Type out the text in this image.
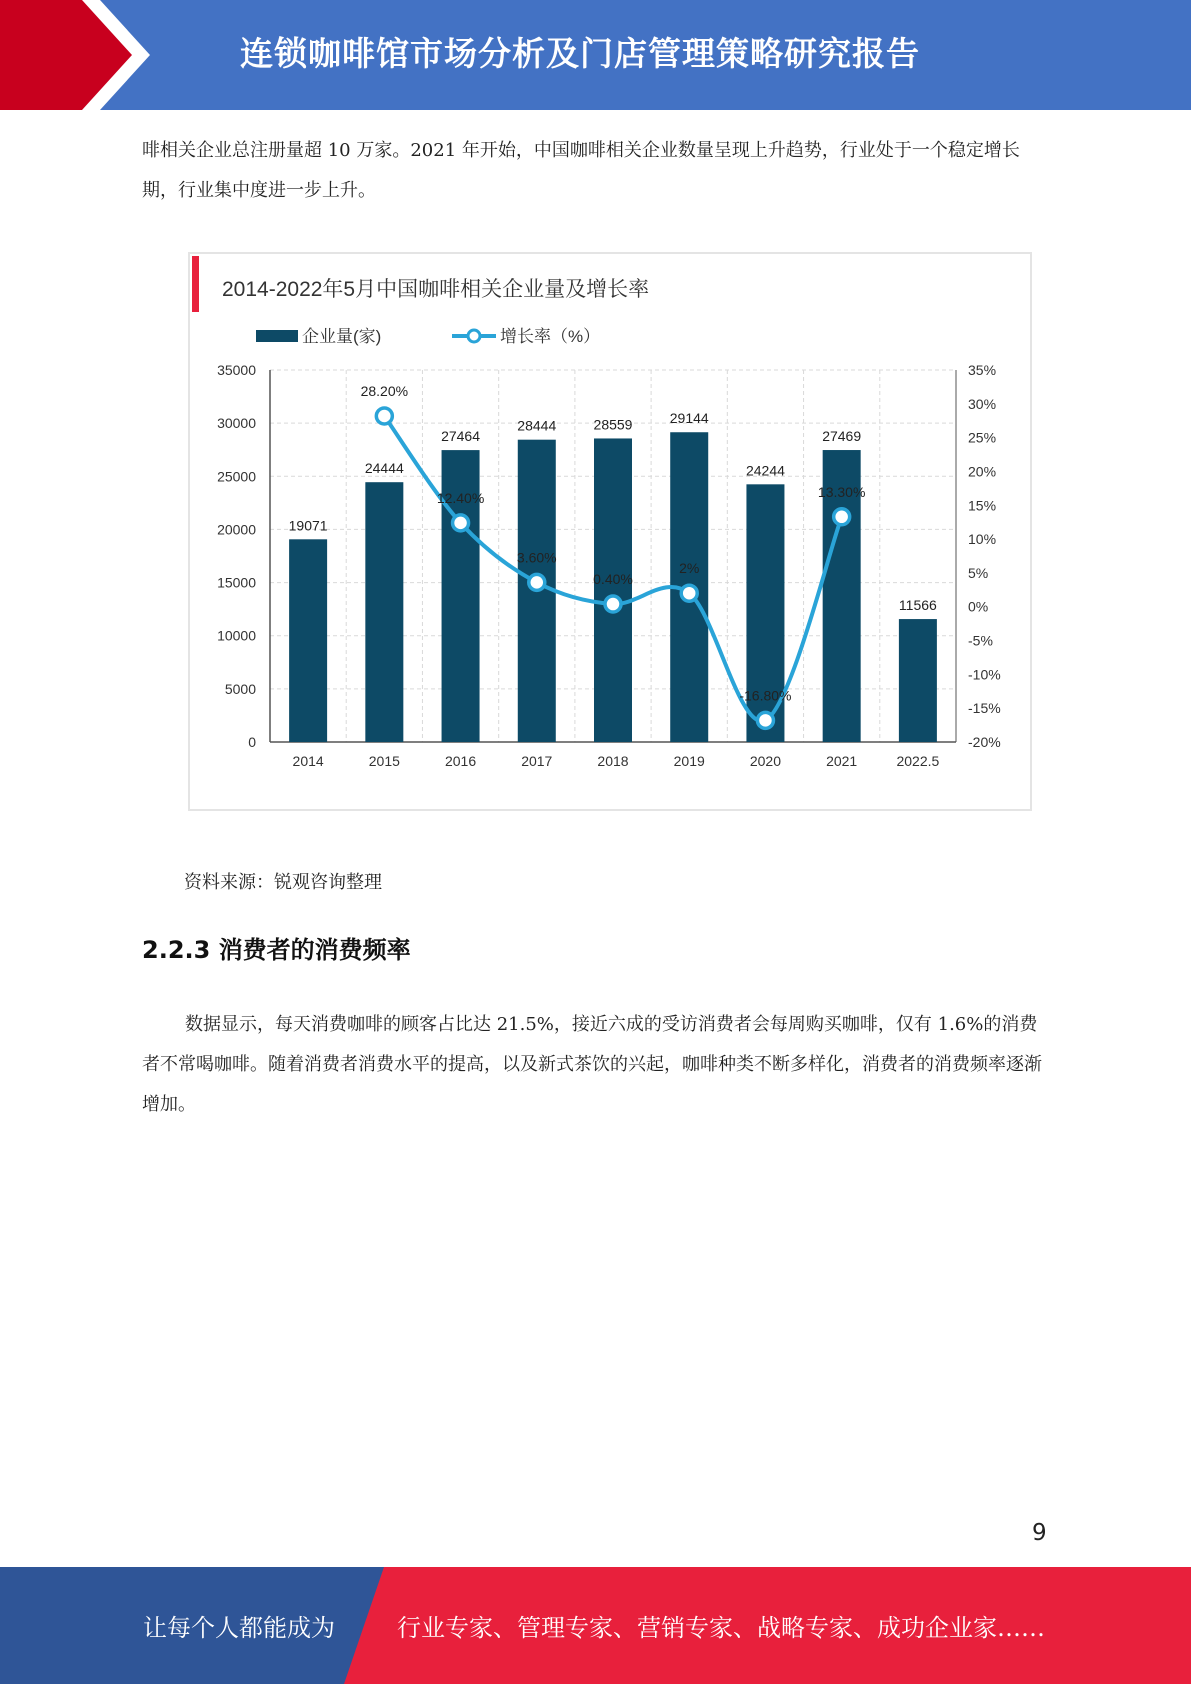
连锁咖啡馆市场分析及门店管理策略研究报告
啡相关企业总注册量超 10 万家。2021 年开始，中国咖啡相关企业数量呈现上升趋势，行业处于一个稳定增长期，行业集中度进一步上升。
2014-2022年5月中国咖啡相关企业量及增长率
企业量(家)	增长率（%）
0
5000
10000
15000
20000
25000
30000
35000
-20%
-15%
-10%
-5%
0%
5%
10%
15%
20%
25%
30%
35%
19071
2014
24444
2015
27464
2016
28444
2017
28559
2018
29144
2019
24244
2020
27469
2021
11566
2022.5
28.20%
12.40%
3.60%
0.40%
2%
-16.80%
13.30%
资料来源：锐观咨询整理
2.2.3 消费者的消费频率
数据显示，每天消费咖啡的顾客占比达 21.5%，接近六成的受访消费者会每周购买咖啡，仅有 1.6%的消费者不常喝咖啡。随着消费者消费水平的提高，以及新式茶饮的兴起，咖啡种类不断多样化，消费者的消费频率逐渐增加。
9
让每个人都能成为	行业专家、管理专家、营销专家、战略专家、成功企业家……
